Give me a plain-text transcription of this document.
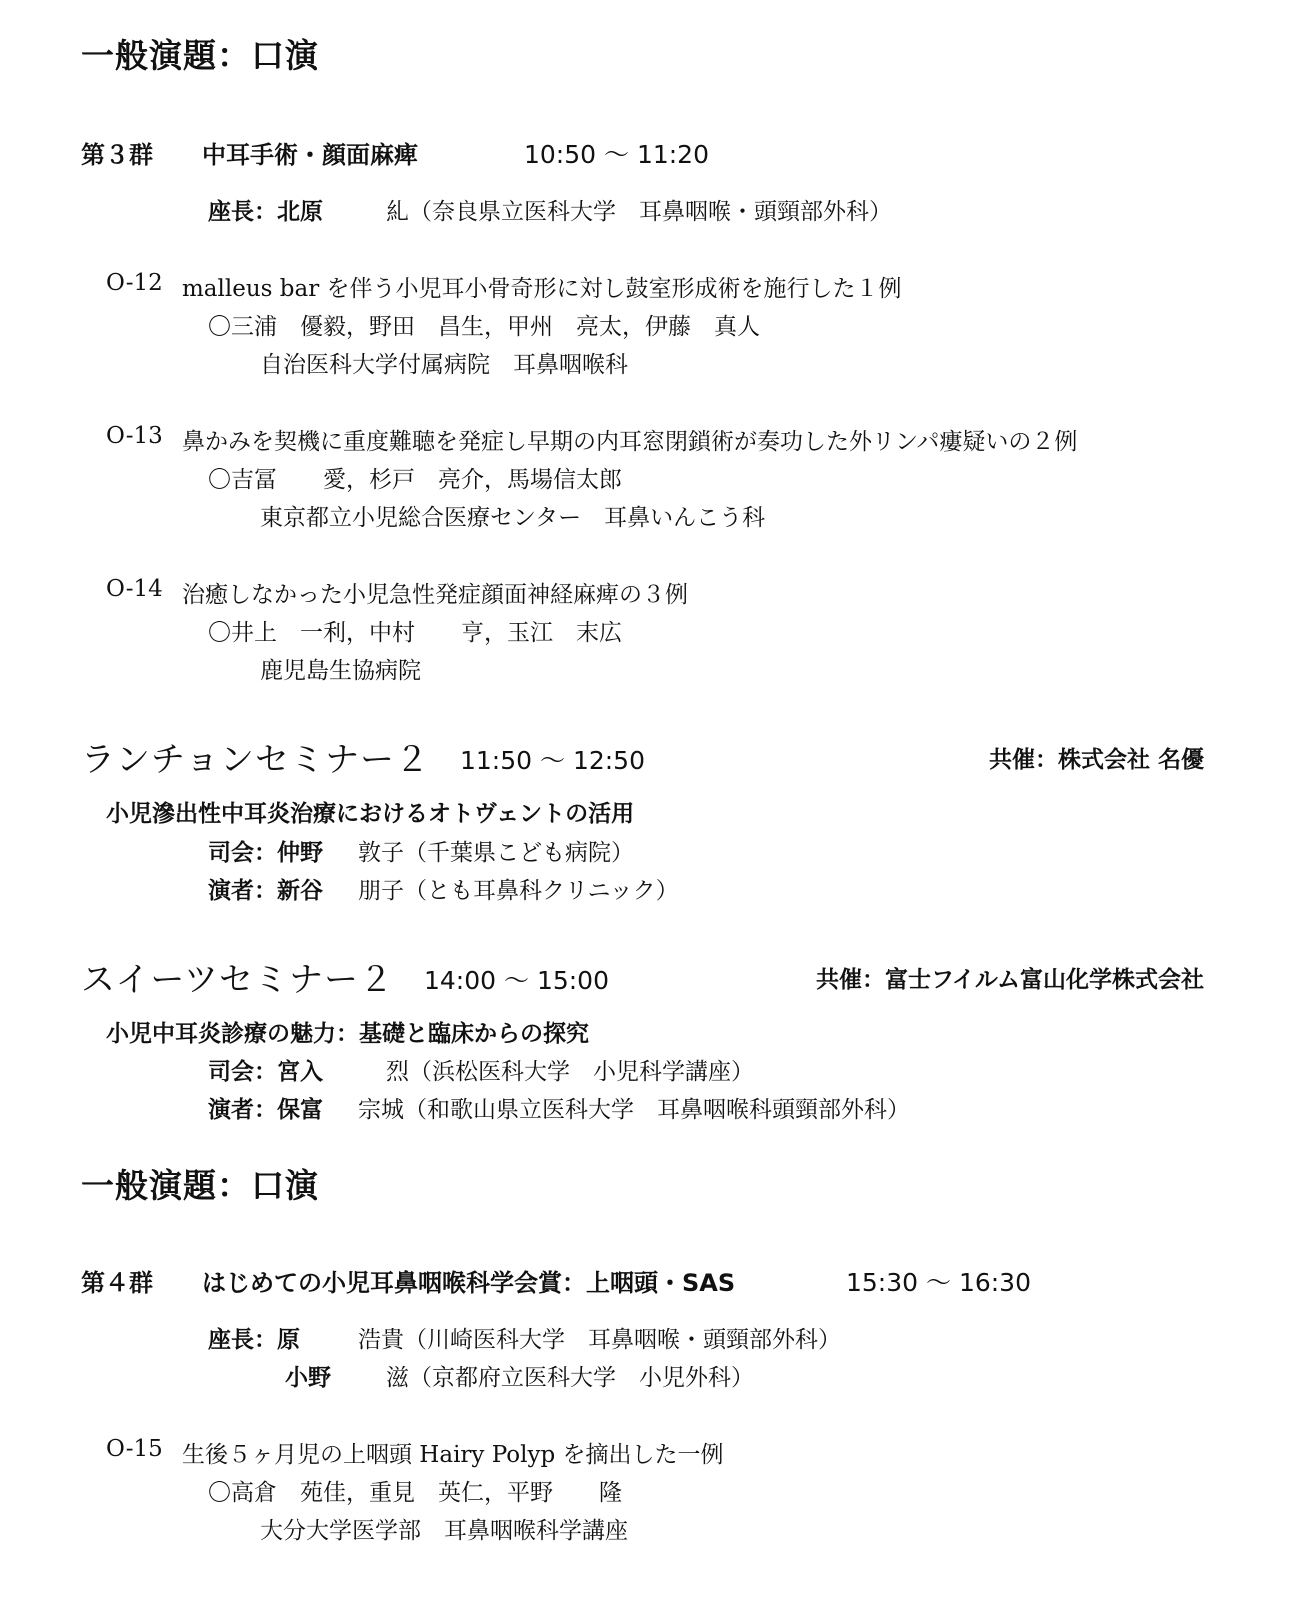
一般演題：口演
第３群 中耳手術・顔面麻痺	10:50 〜 11:20
座長：北原	糺（奈良県立医科大学　耳鼻咽喉・頭頸部外科）
O-12 malleus bar を伴う小児耳小骨奇形に対し鼓室形成術を施行した１例
〇三浦　優毅，野田　昌生，甲州　亮太，伊藤　真人
自治医科大学付属病院　耳鼻咽喉科
O-13 鼻かみを契機に重度難聴を発症し早期の内耳窓閉鎖術が奏功した外リンパ瘻疑いの２例
〇吉冨　　愛，杉戸　亮介，馬場信太郎
東京都立小児総合医療センター　耳鼻いんこう科
O-14 治癒しなかった小児急性発症顔面神経麻痺の３例
〇井上　一利，中村　　亨，玉江　末広
鹿児島生協病院
ランチョンセミナー２ 11:50 〜 12:50	共催：株式会社 名優
小児滲出性中耳炎治療におけるオトヴェントの活用
司会：仲野 敦子（千葉県こども病院）
演者：新谷 朋子（とも耳鼻科クリニック）
スイーツセミナー２ 14:00 〜 15:00	共催：富士フイルム富山化学株式会社
小児中耳炎診療の魅力：基礎と臨床からの探究
司会：宮入	烈（浜松医科大学　小児科学講座）
演者：保富 宗城（和歌山県立医科大学　耳鼻咽喉科頭頸部外科）
一般演題：口演
第４群 はじめての小児耳鼻咽喉科学会賞：上咽頭・SAS	15:30 〜 16:30
座長：原	浩貴（川崎医科大学　耳鼻咽喉・頭頸部外科）
小野 滋（京都府立医科大学　小児外科）
O-15 生後５ヶ月児の上咽頭 Hairy Polyp を摘出した一例
〇高倉　苑佳，重見　英仁，平野　　隆
大分大学医学部　耳鼻咽喉科学講座
